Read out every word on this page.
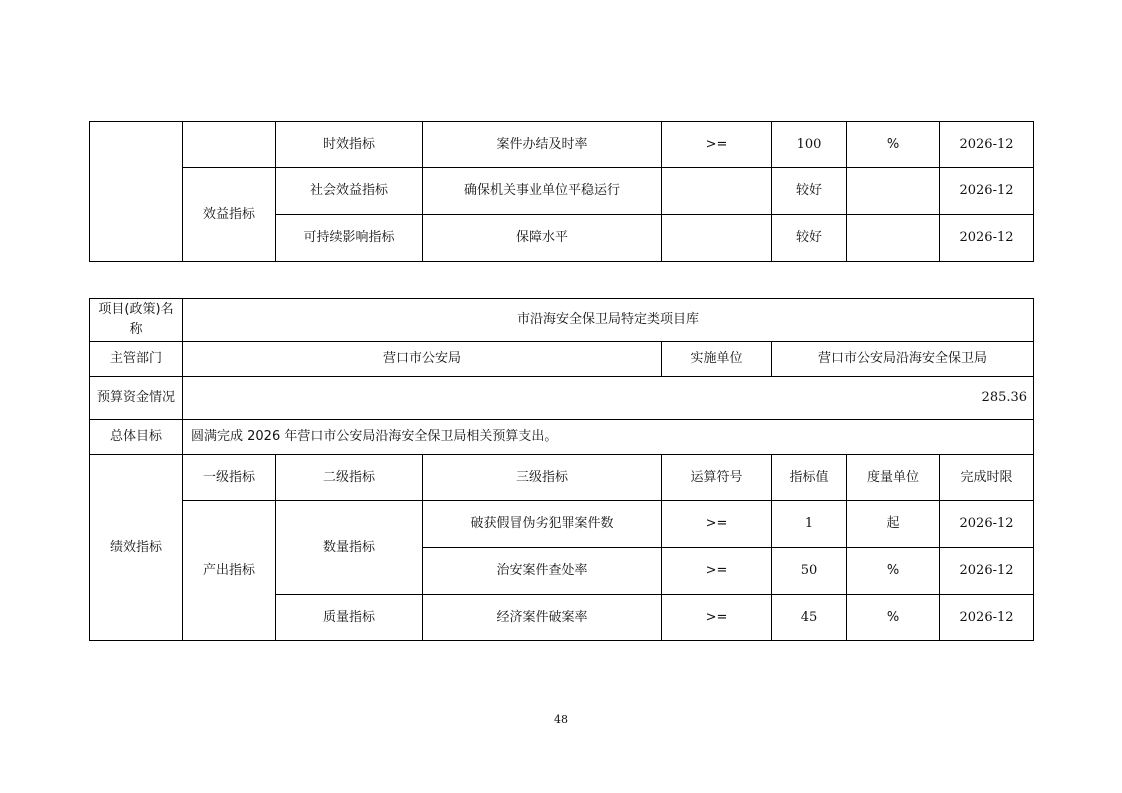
		时效指标	案件办结及时率	>=	100	%	2026-12
	效益指标	社会效益指标	确保机关事业单位平稳运行		较好		2026-12
		可持续影响指标	保障水平		较好		2026-12
项目(政策)名称	市沿海安全保卫局特定类项目库						
主管部门	营口市公安局			实施单位	营口市公安局沿海安全保卫局		
预算资金情况	285.36						
总体目标	圆满完成 2026 年营口市公安局沿海安全保卫局相关预算支出。						
绩效指标	一级指标	二级指标	三级指标	运算符号	指标值	度量单位	完成时限
	产出指标	数量指标	破获假冒伪劣犯罪案件数	>=	1	起	2026-12
			治安案件查处率	>=	50	%	2026-12
		质量指标	经济案件破案率	>=	45	%	2026-12
48
